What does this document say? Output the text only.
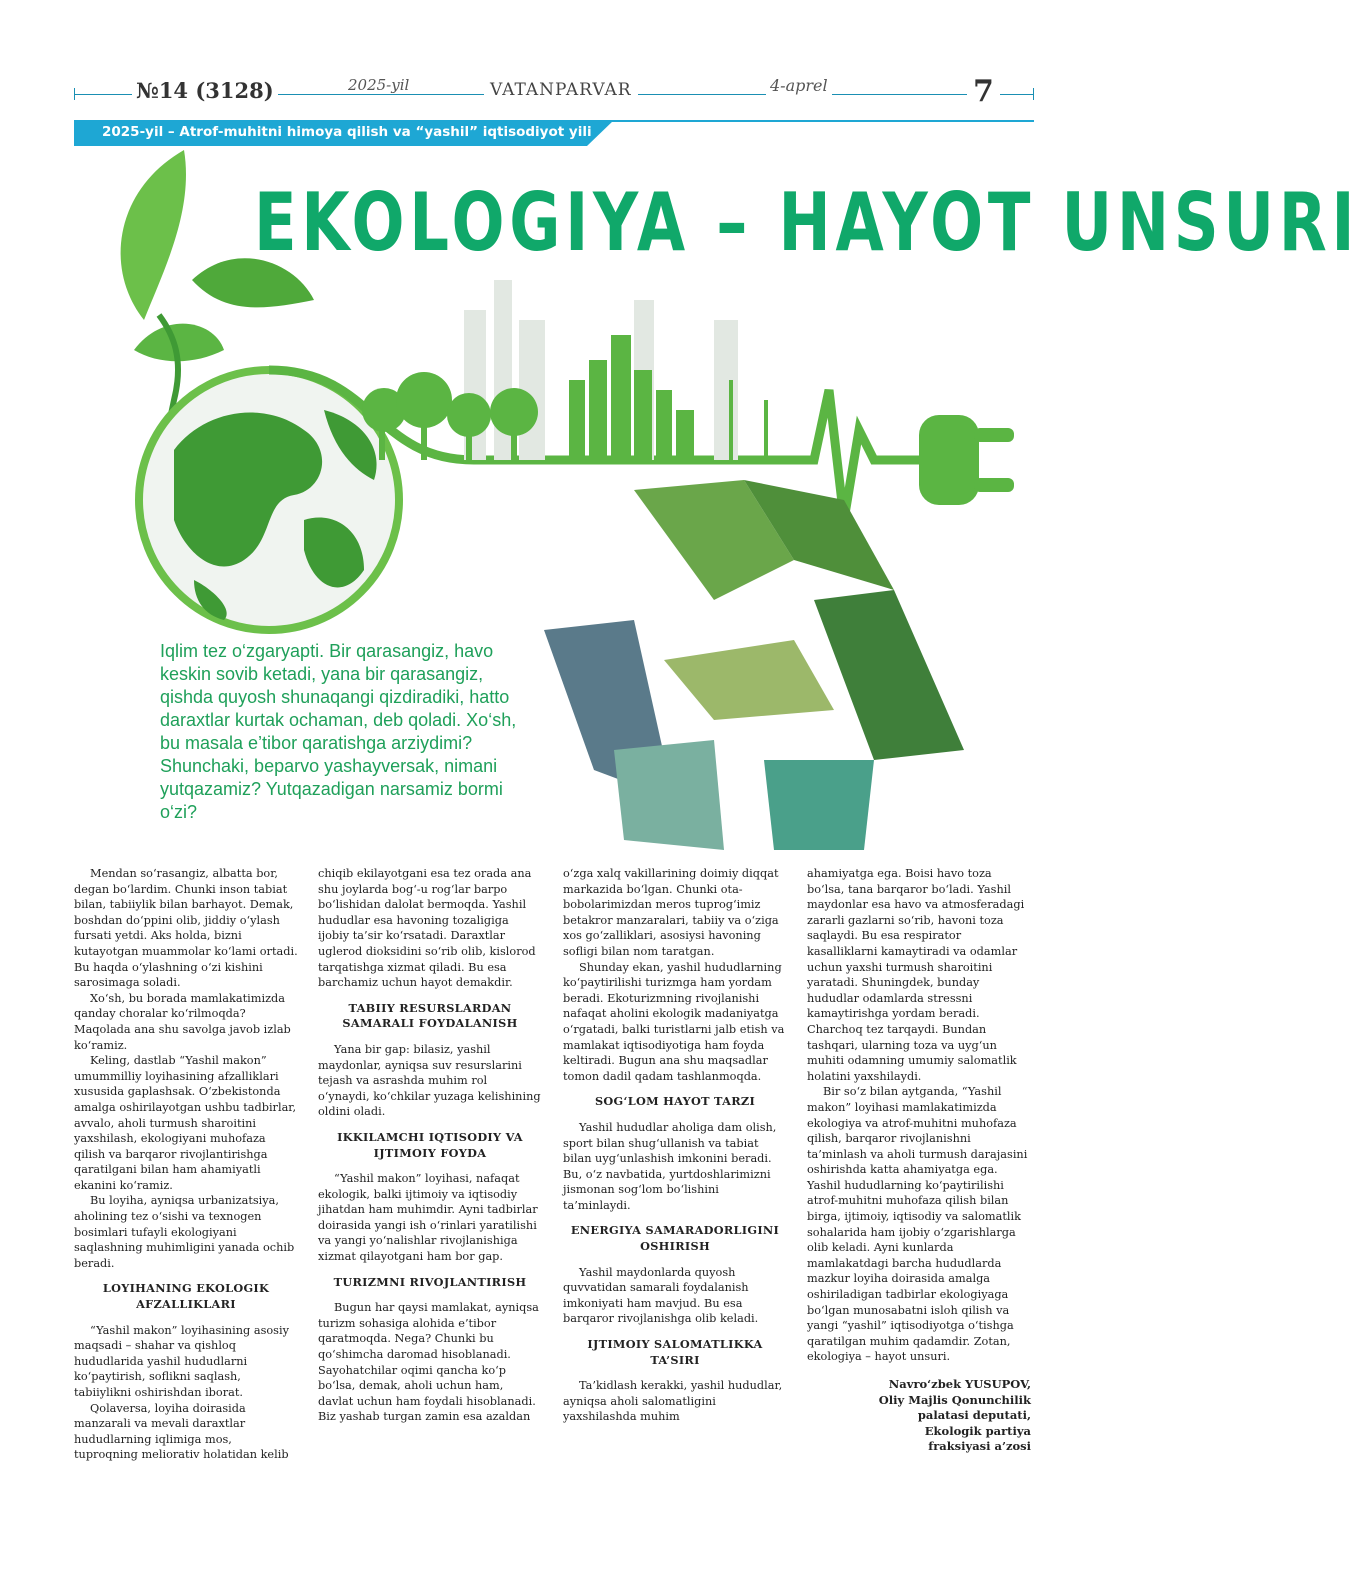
№14 (3128)	2025-yil	VATANPARVAR	4-aprel	7
2025-yil – Atrof-muhitni himoya qilish va “yashil” iqtisodiyot yili
EKOLOGIYA – HAYOT UNSURI
Iqlim tez o‘zgaryapti. Bir qarasangiz, havo keskin sovib ketadi, yana bir qarasangiz, qishda quyosh shunaqangi qizdiradiki, hatto daraxtlar kurtak ochaman, deb qoladi. Xo‘sh, bu masala e’tibor qaratishga arziydimi? Shunchaki, beparvo yashayversak, nimani yutqazamiz? Yutqazadigan narsamiz bormi o‘zi?

Mendan so‘rasangiz, albatta bor, degan bo‘lardim. Chunki inson tabiat bilan, tabiiylik bilan barhayot. Demak, boshdan do‘ppini olib, jiddiy o‘ylash fursati yetdi. Aks holda, bizni kutayotgan muammolar ko‘lami ortadi. Bu haqda o‘ylashning o‘zi kishini sarosimaga soladi.

Xo‘sh, bu borada mamlakatimizda qanday choralar ko‘rilmoqda? Maqolada ana shu savolga javob izlab ko‘ramiz.

Keling, dastlab “Yashil makon” umummilliy loyihasining afzalliklari xususida gaplashsak. O‘zbekistonda amalga oshirilayotgan ushbu tadbirlar, avvalo, aholi turmush sharoitini yaxshilash, ekologiyani muhofaza qilish va barqaror rivojlantirishga qaratilgani bilan ham ahamiyatli ekanini ko‘ramiz.

Bu loyiha, ayniqsa urbanizatsiya, aholining tez o‘sishi va texnogen bosimlari tufayli ekologiyani saqlashning muhimligini yanada ochib beradi.

LOYIHANING EKOLOGIK AFZALLIKLARI

“Yashil makon” loyihasining asosiy maqsadi – shahar va qishloq hududlarida yashil hududlarni ko‘paytirish, soflikni saqlash, tabiiylikni oshirishdan iborat.

Qolaversa, loyiha doirasida manzarali va mevali daraxtlar hududlarning iqlimiga mos, tuproqning meliorativ holatidan kelib

chiqib ekilayotgani esa tez orada ana shu joylarda bog‘-u rog‘lar barpo bo‘lishidan dalolat bermoqda. Yashil hududlar esa havoning tozaligiga ijobiy ta’sir ko‘rsatadi. Daraxtlar uglerod dioksidini so‘rib olib, kislorod tarqatishga xizmat qiladi. Bu esa barchamiz uchun hayot demakdir.

TABIIY RESURSLARDAN SAMARALI FOYDALANISH

Yana bir gap: bilasiz, yashil maydonlar, ayniqsa suv resurslarini tejash va asrashda muhim rol o‘ynaydi, ko‘chkilar yuzaga kelishining oldini oladi.

IKKILAMCHI IQTISODIY VA IJTIMOIY FOYDA

“Yashil makon” loyihasi, nafaqat ekologik, balki ijtimoiy va iqtisodiy jihatdan ham muhimdir. Ayni tadbirlar doirasida yangi ish o‘rinlari yaratilishi va yangi yo‘nalishlar rivojlanishiga xizmat qilayotgani ham bor gap.

TURIZMNI RIVOJLANTIRISH

Bugun har qaysi mamlakat, ayniqsa turizm sohasiga alohida e’tibor qaratmoqda. Nega? Chunki bu qo‘shimcha daromad hisoblanadi. Sayohatchilar oqimi qancha ko‘p bo‘lsa, demak, aholi uchun ham, davlat uchun ham foydali hisoblanadi. Biz yashab turgan zamin esa azaldan

o‘zga xalq vakillarining doimiy diqqat markazida bo‘lgan. Chunki ota-bobolarimizdan meros tuprog‘imiz betakror manzaralari, tabiiy va o‘ziga xos go‘zalliklari, asosiysi havoning sofligi bilan nom taratgan.

Shunday ekan, yashil hududlarning ko‘paytirilishi turizmga ham yordam beradi. Ekoturizmning rivojlanishi nafaqat aholini ekologik madaniyatga o‘rgatadi, balki turistlarni jalb etish va mamlakat iqtisodiyotiga ham foyda keltiradi. Bugun ana shu maqsadlar tomon dadil qadam tashlanmoqda.

SOG‘LOM HAYOT TARZI

Yashil hududlar aholiga dam olish, sport bilan shug‘ullanish va tabiat bilan uyg‘unlashish imkonini beradi. Bu, o‘z navbatida, yurtdoshlarimizni jismonan sog‘lom bo‘lishini ta’minlaydi.

ENERGIYA SAMARADORLIGINI OSHIRISH

Yashil maydonlarda quyosh quvvatidan samarali foydalanish imkoniyati ham mavjud. Bu esa barqaror rivojlanishga olib keladi.

IJTIMOIY SALOMATLIKKA TA’SIRI

Ta’kidlash kerakki, yashil hududlar, ayniqsa aholi salomatligini yaxshilashda muhim

ahamiyatga ega. Boisi havo toza bo‘lsa, tana barqaror bo‘ladi. Yashil maydonlar esa havo va atmosferadagi zararli gazlarni so‘rib, havoni toza saqlaydi. Bu esa respirator kasalliklarni kamaytiradi va odamlar uchun yaxshi turmush sharoitini yaratadi. Shuningdek, bunday hududlar odamlarda stressni kamaytirishga yordam beradi. Charchoq tez tarqaydi. Bundan tashqari, ularning toza va uyg‘un muhiti odamning umumiy salomatlik holatini yaxshilaydi.

Bir so‘z bilan aytganda, “Yashil makon” loyihasi mamlakatimizda ekologiya va atrof-muhitni muhofaza qilish, barqaror rivojlanishni ta’minlash va aholi turmush darajasini oshirishda katta ahamiyatga ega. Yashil hududlarning ko‘paytirilishi atrof-muhitni muhofaza qilish bilan birga, ijtimoiy, iqtisodiy va salomatlik sohalarida ham ijobiy o‘zgarishlarga olib keladi. Ayni kunlarda mamlakatdagi barcha hududlarda mazkur loyiha doirasida amalga oshiriladigan tadbirlar ekologiyaga bo‘lgan munosabatni isloh qilish va yangi “yashil” iqtisodiyotga o‘tishga qaratilgan muhim qadamdir. Zotan, ekologiya – hayot unsuri.

Navro‘zbek YUSUPOV,
Oliy Majlis Qonunchilik
palatasi deputati,
Ekologik partiya
fraksiyasi a’zosi
